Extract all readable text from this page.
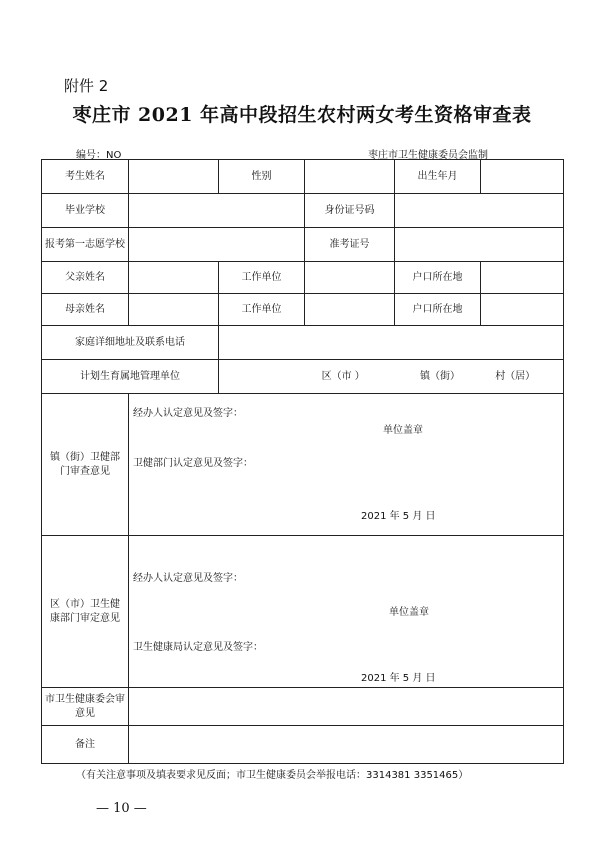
附件 2
枣庄市 2021 年高中段招生农村两女考生资格审查表
编号：NO	枣庄市卫生健康委员会监制
考生姓名		性别		出生年月	
毕业学校			身份证号码		
报考第一志愿学校			准考证号		
父亲姓名		工作单位		户口所在地	
母亲姓名		工作单位		户口所在地	
家庭详细地址及联系电话					
计划生育属地管理单位		区（市 ） 镇（街） 村（居）			

镇（街）卫健部门审查意见	经办人认定意见及签字：
单位盖章
卫健部门认定意见及签字：
2021 年 5 月 日				

区（市）卫生健康部门审定意见	经办人认定意见及签字：
单位盖章
卫生健康局认定意见及签字：
2021 年 5 月 日				

市卫生健康委会审意见					

备注					
（有关注意事项及填表要求见反面；市卫生健康委员会举报电话：3314381 3351465）
— 10 —
